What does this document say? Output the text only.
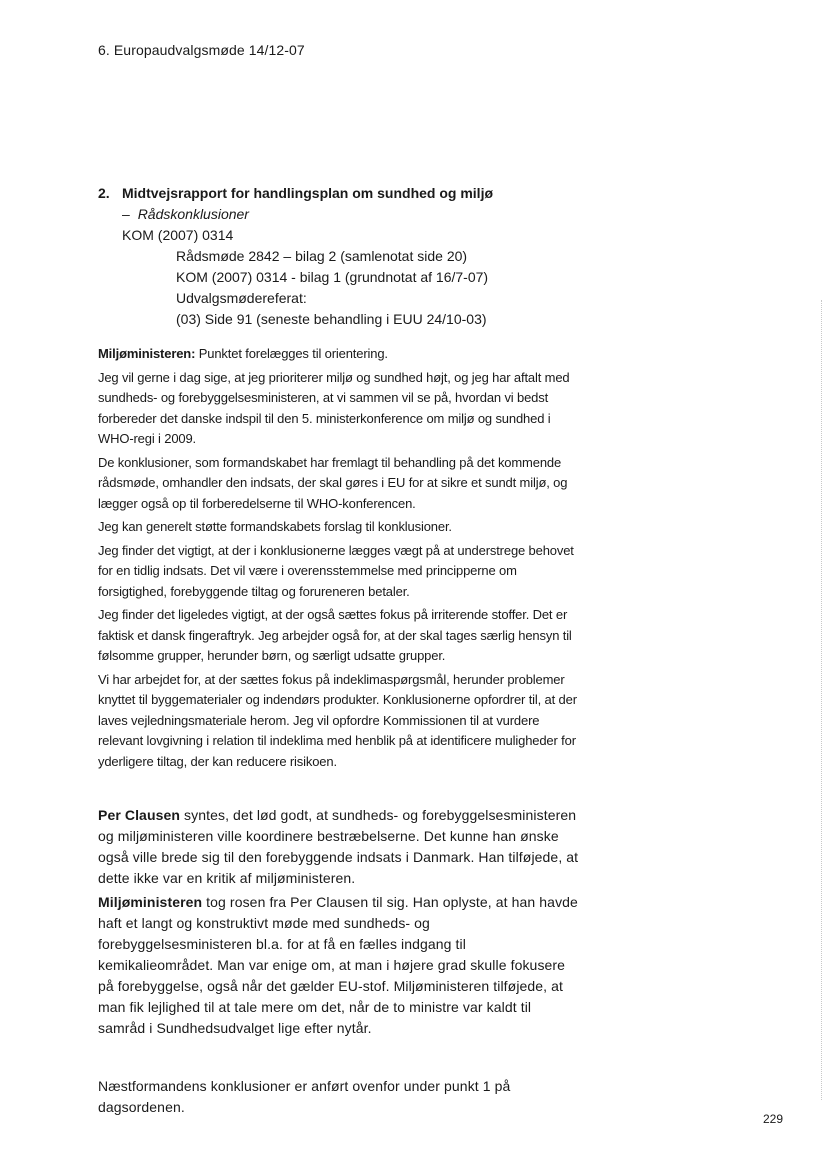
6. Europaudvalgsmøde 14/12-07
2. Midtvejsrapport for handlingsplan om sundhed og miljø
– Rådskonklusioner
KOM (2007) 0314
Rådsmøde 2842 – bilag 2 (samlenotat side 20)
KOM (2007) 0314 - bilag 1 (grundnotat af 16/7-07)
Udvalgsmødereferat:
(03) Side 91 (seneste behandling i EUU 24/10-03)

Miljøministeren: Punktet forelægges til orientering.

Jeg vil gerne i dag sige, at jeg prioriterer miljø og sundhed højt, og jeg har aftalt med sundheds- og forebyggelsesministeren, at vi sammen vil se på, hvordan vi bedst forbereder det danske indspil til den 5. ministerkonference om miljø og sundhed i WHO-regi i 2009.

De konklusioner, som formandskabet har fremlagt til behandling på det kommende rådsmøde, omhandler den indsats, der skal gøres i EU for at sikre et sundt miljø, og lægger også op til forberedelserne til WHO-konferencen.

Jeg kan generelt støtte formandskabets forslag til konklusioner.

Jeg finder det vigtigt, at der i konklusionerne lægges vægt på at understrege behovet for en tidlig indsats. Det vil være i overensstemmelse med principperne om forsigtighed, forebyggende tiltag og forureneren betaler.

Jeg finder det ligeledes vigtigt, at der også sættes fokus på irriterende stoffer. Det er faktisk et dansk fingeraftryk. Jeg arbejder også for, at der skal tages særlig hensyn til følsomme grupper, herunder børn, og særligt udsatte grupper.

Vi har arbejdet for, at der sættes fokus på indeklimaspørgsmål, herunder problemer knyttet til byggematerialer og indendørs produkter. Konklusionerne opfordrer til, at der laves vejledningsmateriale herom. Jeg vil opfordre Kommissionen til at vurdere relevant lovgivning i relation til indeklima med henblik på at identificere muligheder for yderligere tiltag, der kan reducere risikoen.

Per Clausen syntes, det lød godt, at sundheds- og forebyggelsesministeren og miljøministeren ville koordinere bestræbelserne. Det kunne han ønske også ville brede sig til den forebyggende indsats i Danmark. Han tilføjede, at dette ikke var en kritik af miljøministeren.

Miljøministeren tog rosen fra Per Clausen til sig. Han oplyste, at han havde haft et langt og konstruktivt møde med sundheds- og forebyggelsesministeren bl.a. for at få en fælles indgang til kemikalieområdet. Man var enige om, at man i højere grad skulle fokusere på forebyggelse, også når det gælder EU-stof. Miljøministeren tilføjede, at man fik lejlighed til at tale mere om det, når de to ministre var kaldt til samråd i Sundhedsudvalget lige efter nytår.

Næstformandens konklusioner er anført ovenfor under punkt 1 på dagsordenen.

229
